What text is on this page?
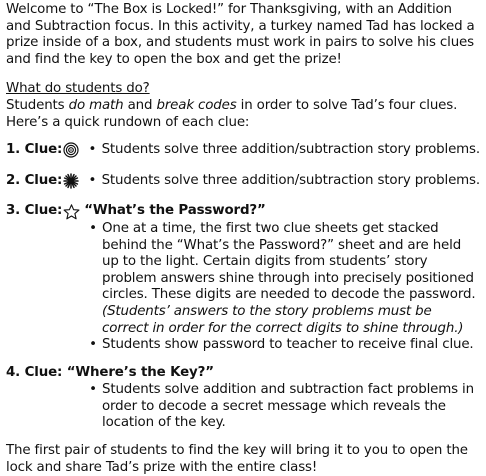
Welcome to “The Box is Locked!” for Thanksgiving, with an Addition and Subtraction focus. In this activity, a turkey named Tad has locked a prize inside of a box, and students must work in pairs to solve his clues and find the key to open the box and get the prize!

What do students do?

Students do math and break codes in order to solve Tad’s four clues. Here’s a quick rundown of each clue:

1. Clue: • Students solve three addition/subtraction story problems.
2. Clue: • Students solve three addition/subtraction story problems.
3. Clue: “What’s the Password?”
• One at a time, the first two clue sheets get stacked behind the “What’s the Password?” sheet and are held up to the light. Certain digits from students’ story problem answers shine through into precisely positioned circles. These digits are needed to decode the password.
(Students’ answers to the story problems must be correct in order for the correct digits to shine through.)
• Students show password to teacher to receive final clue.
4. Clue: “Where’s the Key?”
• Students solve addition and subtraction fact problems in order to decode a secret message which reveals the location of the key.

The first pair of students to find the key will bring it to you to open the lock and share Tad’s prize with the entire class!
